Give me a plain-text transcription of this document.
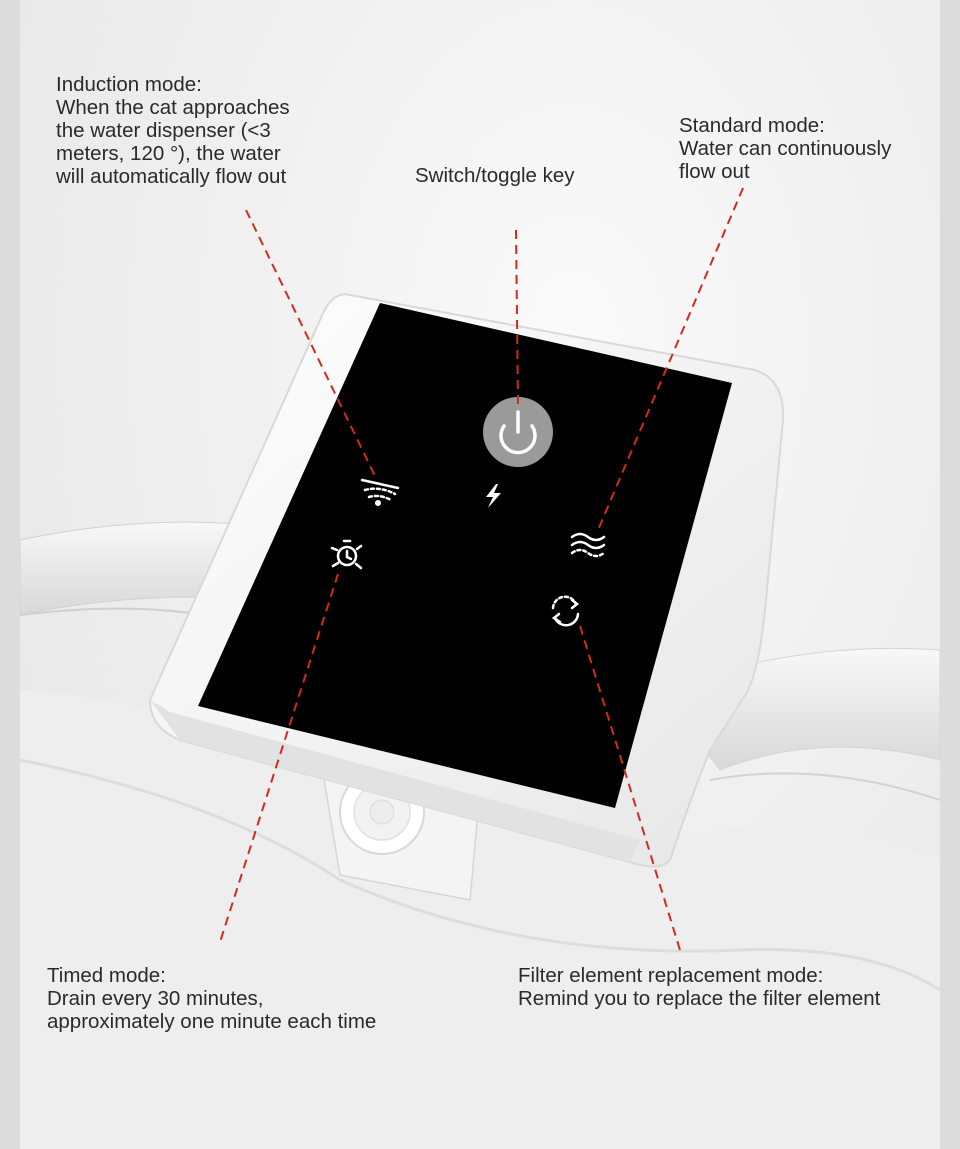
Induction mode:
When the cat approaches
the water dispenser (<3
meters, 120 °), the water
will automatically flow out	Switch/toggle key

Standard mode:
Water can continuously
flow out

Timed mode:
Drain every 30 minutes,
approximately one minute each time

Filter element replacement mode:
Remind you to replace the filter element
